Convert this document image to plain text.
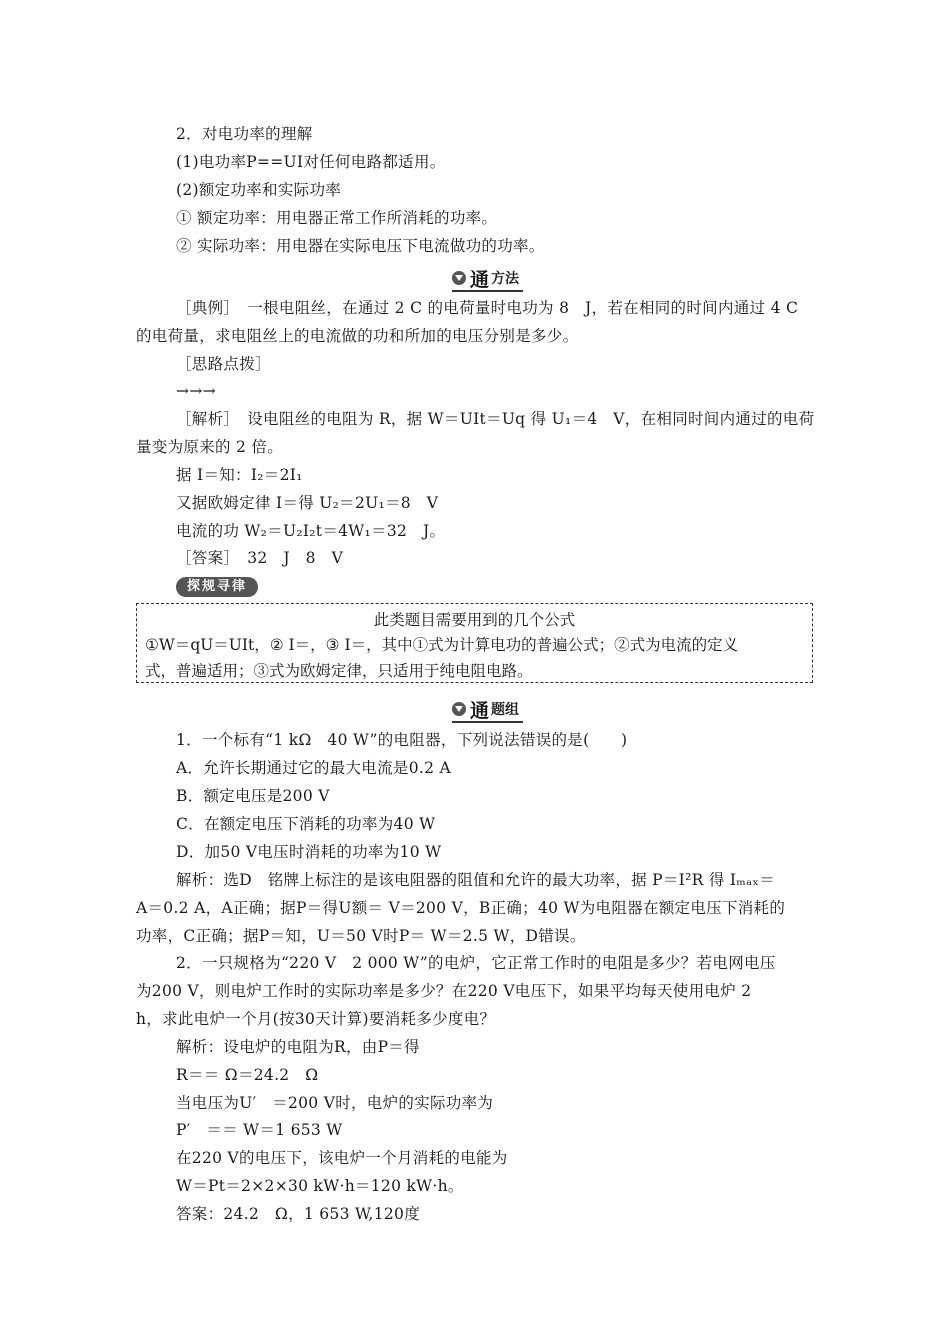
2．对电功率的理解
(1)电功率P==UI对任何电路都适用。
(2)额定功率和实际功率
① 额定功率：用电器正常工作所消耗的功率。
② 实际功率：用电器在实际电压下电流做功的功率。
通 方法
［典例］　一根电阻丝，在通过 2 C 的电荷量时电功为 8　J，若在相同的时间内通过 4 C
的电荷量，求电阻丝上的电流做的功和所加的电压分别是多少。
［思路点拨］
→→→
［解析］　设电阻丝的电阻为 R，据 W＝UIt＝Uq 得 U₁＝4　V，在相同时间内通过的电荷
量变为原来的 2 倍。
据 I＝知：I₂＝2I₁
又据欧姆定律 I＝得 U₂＝2U₁＝8　V
电流的功 W₂＝U₂I₂t＝4W₁＝32　J。
［答案］　32　J　8　V
探规寻律
此类题目需要用到的几个公式
①W＝qU＝UIt，② I＝，③ I＝，其中①式为计算电功的普遍公式；②式为电流的定义
式，普遍适用；③式为欧姆定律，只适用于纯电阻电路。
通 题组
1．一个标有“1 kΩ　40 W”的电阻器，下列说法错误的是(　　)
A．允许长期通过它的最大电流是0.2 A
B．额定电压是200 V
C．在额定电压下消耗的功率为40 W
D．加50 V电压时消耗的功率为10 W
解析：选D　铭牌上标注的是该电阻器的阻值和允许的最大功率，据 P＝I²R 得 Iₘₐₓ＝
A＝0.2 A，A正确；据P＝得U额＝ V＝200 V，B正确；40 W为电阻器在额定电压下消耗的
功率，C正确；据P＝知，U＝50 V时P＝ W＝2.5 W，D错误。
2．一只规格为“220 V　2 000 W”的电炉，它正常工作时的电阻是多少？若电网电压
为200 V，则电炉工作时的实际功率是多少？在220 V电压下，如果平均每天使用电炉 2
h，求此电炉一个月(按30天计算)要消耗多少度电？
解析：设电炉的电阻为R，由P＝得
R＝＝ Ω＝24.2　Ω
当电压为U′　＝200 V时，电炉的实际功率为
P′　＝＝ W＝1 653 W
在220 V的电压下，该电炉一个月消耗的电能为
W＝Pt＝2×2×30 kW·h＝120 kW·h。
答案：24.2　Ω，1 653 W,120度
